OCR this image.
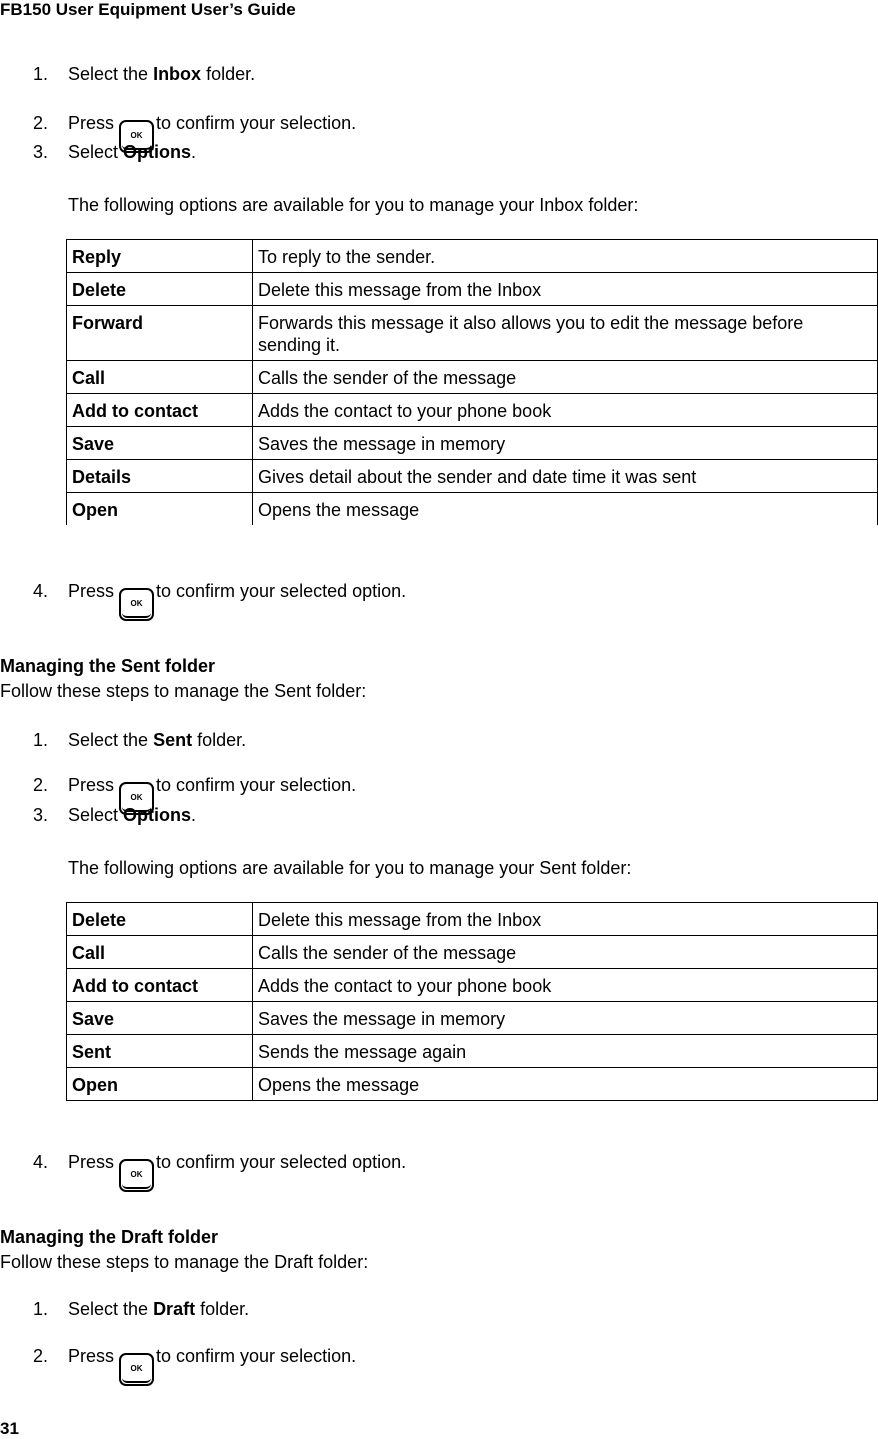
FB150 User Equipment User’s Guide
1.	Select the Inbox folder.
2.	PressOKto confirm your selection.
3.	Select Options.
The following options are available for you to manage your Inbox folder:
Reply	To reply to the sender.
Delete	Delete this message from the Inbox
Forward	Forwards this message it also allows you to edit the message before sending it.
Call	Calls the sender of the message
Add to contact	Adds the contact to your phone book
Save	Saves the message in memory
Details	Gives detail about the sender and date time it was sent
Open	Opens the message
4.	PressOKto confirm your selected option.
Managing the Sent folder
Follow these steps to manage the Sent folder:
1.	Select the Sent folder.
2.	PressOKto confirm your selection.
3.	Select Options.
The following options are available for you to manage your Sent folder:
Delete	Delete this message from the Inbox
Call	Calls the sender of the message
Add to contact	Adds the contact to your phone book
Save	Saves the message in memory
Sent	Sends the message again
Open	Opens the message
4.	PressOKto confirm your selected option.
Managing the Draft folder
Follow these steps to manage the Draft folder:
1.	Select the Draft folder.
2.	PressOKto confirm your selection.
31
